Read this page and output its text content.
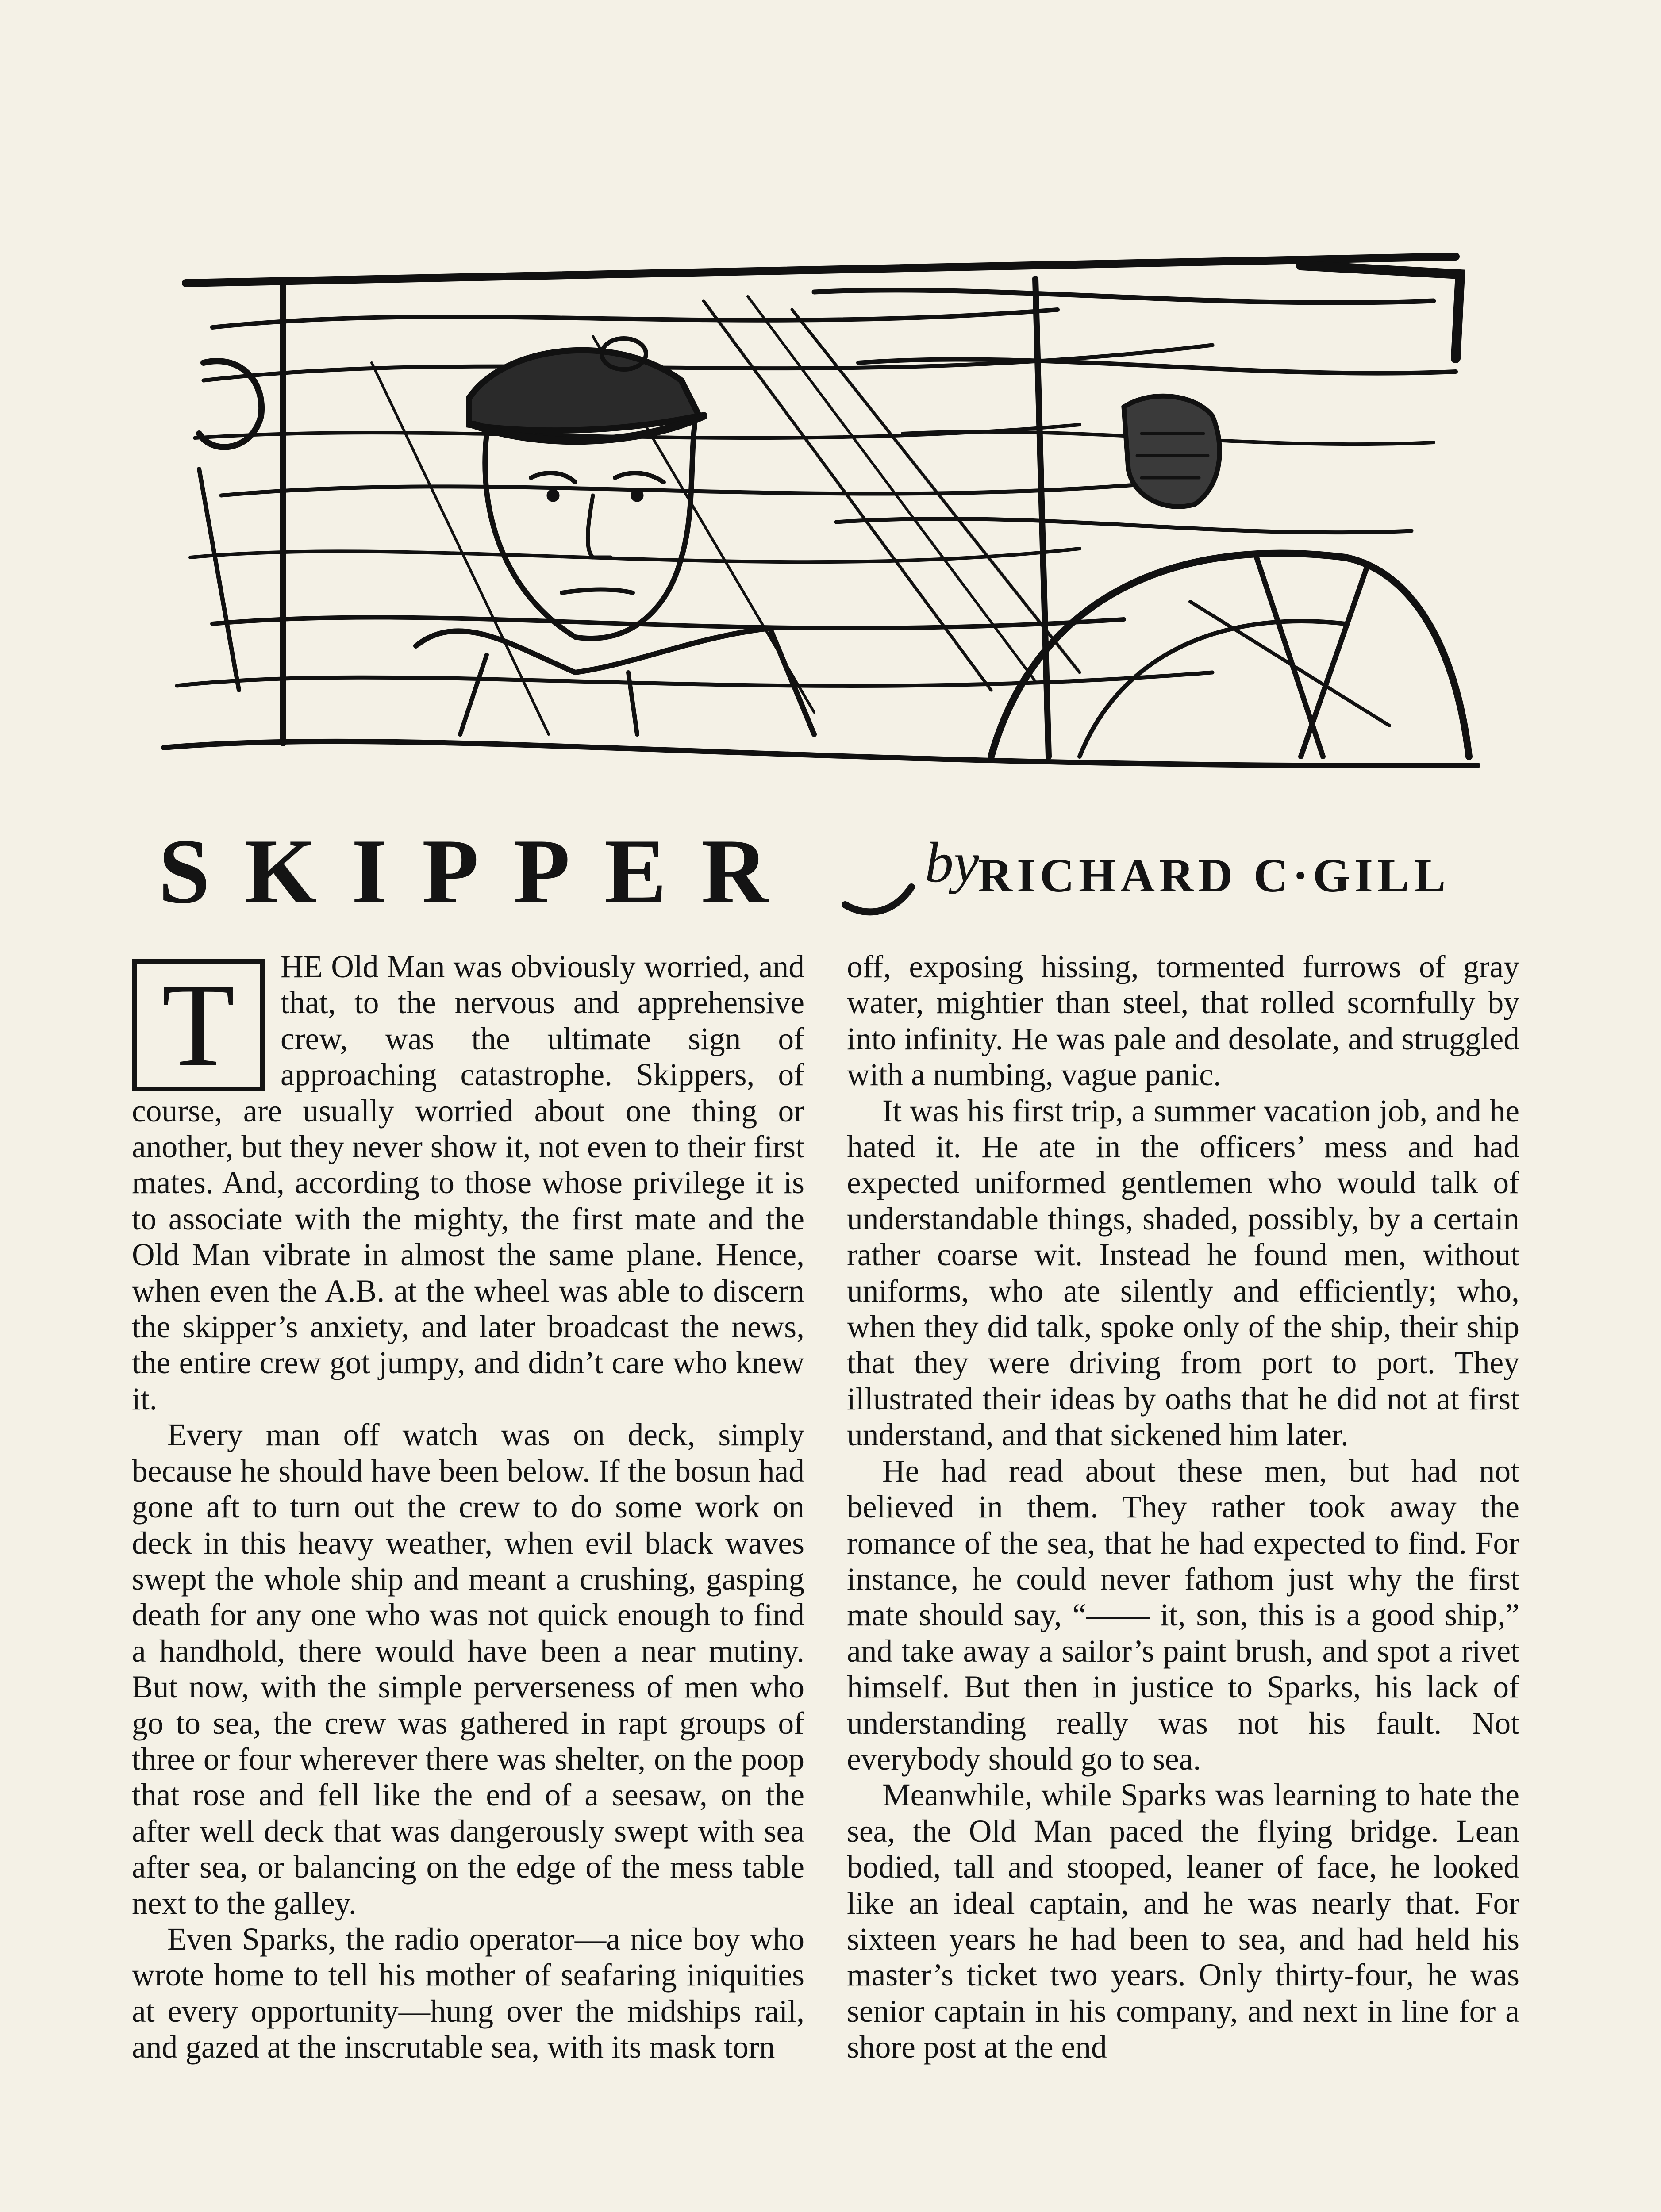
SKIPPER by
RICHARD C·GILL
T	HE Old Man was obviously worried, and that, to the nervous and apprehensive crew, was the ultimate sign of approaching catastrophe. Skippers, of course, are usually worried about one thing or another, but they never show it, not even to their first mates. And, according to those whose privilege it is to associate with the mighty, the first mate and the Old Man vibrate in almost the same plane. Hence, when even the A.B. at the wheel was able to discern the skipper’s anxiety, and later broadcast the news, the entire crew got jumpy, and didn’t care who knew it.

Every man off watch was on deck, simply because he should have been below. If the bosun had gone aft to turn out the crew to do some work on deck in this heavy weather, when evil black waves swept the whole ship and meant a crushing, gasping death for any one who was not quick enough to find a handhold, there would have been a near mutiny. But now, with the simple perverseness of men who go to sea, the crew was gathered in rapt groups of three or four wherever there was shelter, on the poop that rose and fell like the end of a seesaw, on the after well deck that was dangerously swept with sea after sea, or balancing on the edge of the mess table next to the galley.

Even Sparks, the radio operator—a nice boy who wrote home to tell his mother of seafaring iniquities at every opportunity—hung over the midships rail, and gazed at the inscrutable sea, with its mask torn

off, exposing hissing, tormented furrows of gray water, mightier than steel, that rolled scornfully by into infinity. He was pale and desolate, and struggled with a numbing, vague panic.

It was his first trip, a summer vacation job, and he hated it. He ate in the officers’ mess and had expected uniformed gentlemen who would talk of understandable things, shaded, possibly, by a certain rather coarse wit. Instead he found men, without uniforms, who ate silently and efficiently; who, when they did talk, spoke only of the ship, their ship that they were driving from port to port. They illustrated their ideas by oaths that he did not at first understand, and that sickened him later.

He had read about these men, but had not believed in them. They rather took away the romance of the sea, that he had expected to find. For instance, he could never fathom just why the first mate should say, “—— it, son, this is a good ship,” and take away a sailor’s paint brush, and spot a rivet himself. But then in justice to Sparks, his lack of understanding really was not his fault. Not everybody should go to sea.

Meanwhile, while Sparks was learning to hate the sea, the Old Man paced the flying bridge. Lean bodied, tall and stooped, leaner of face, he looked like an ideal captain, and he was nearly that. For sixteen years he had been to sea, and had held his master’s ticket two years. Only thirty-four, he was senior captain in his company, and next in line for a shore post at the end
